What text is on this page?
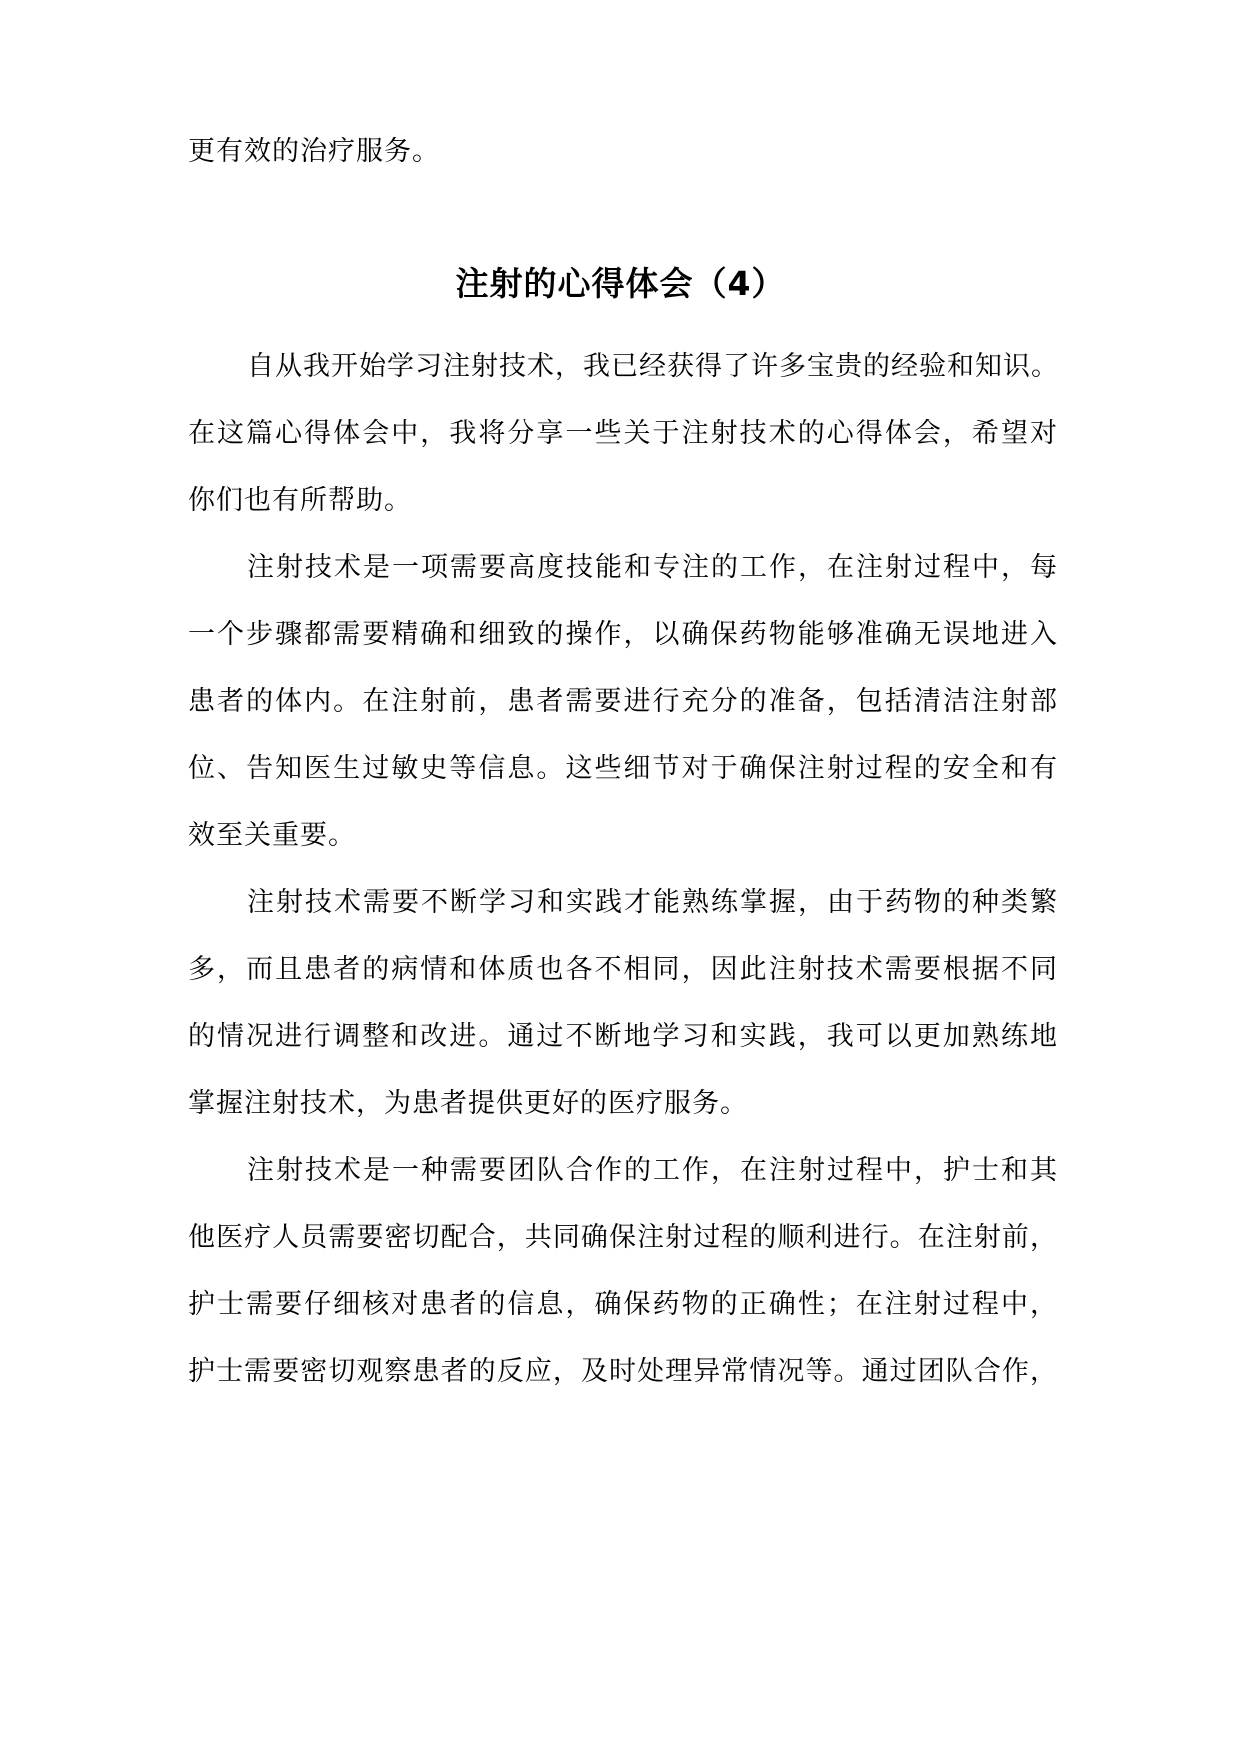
更有效的治疗服务。
注射的心得体会（4）
自从我开始学习注射技术，我已经获得了许多宝贵的经验和知识。
在这篇心得体会中，我将分享一些关于注射技术的心得体会，希望对
你们也有所帮助。
注射技术是一项需要高度技能和专注的工作，在注射过程中，每
一个步骤都需要精确和细致的操作，以确保药物能够准确无误地进入
患者的体内。在注射前，患者需要进行充分的准备，包括清洁注射部
位、告知医生过敏史等信息。这些细节对于确保注射过程的安全和有
效至关重要。
注射技术需要不断学习和实践才能熟练掌握，由于药物的种类繁
多，而且患者的病情和体质也各不相同，因此注射技术需要根据不同
的情况进行调整和改进。通过不断地学习和实践，我可以更加熟练地
掌握注射技术，为患者提供更好的医疗服务。
注射技术是一种需要团队合作的工作，在注射过程中，护士和其
他医疗人员需要密切配合，共同确保注射过程的顺利进行。在注射前，
护士需要仔细核对患者的信息，确保药物的正确性；在注射过程中，
护士需要密切观察患者的反应，及时处理异常情况等。通过团队合作，
